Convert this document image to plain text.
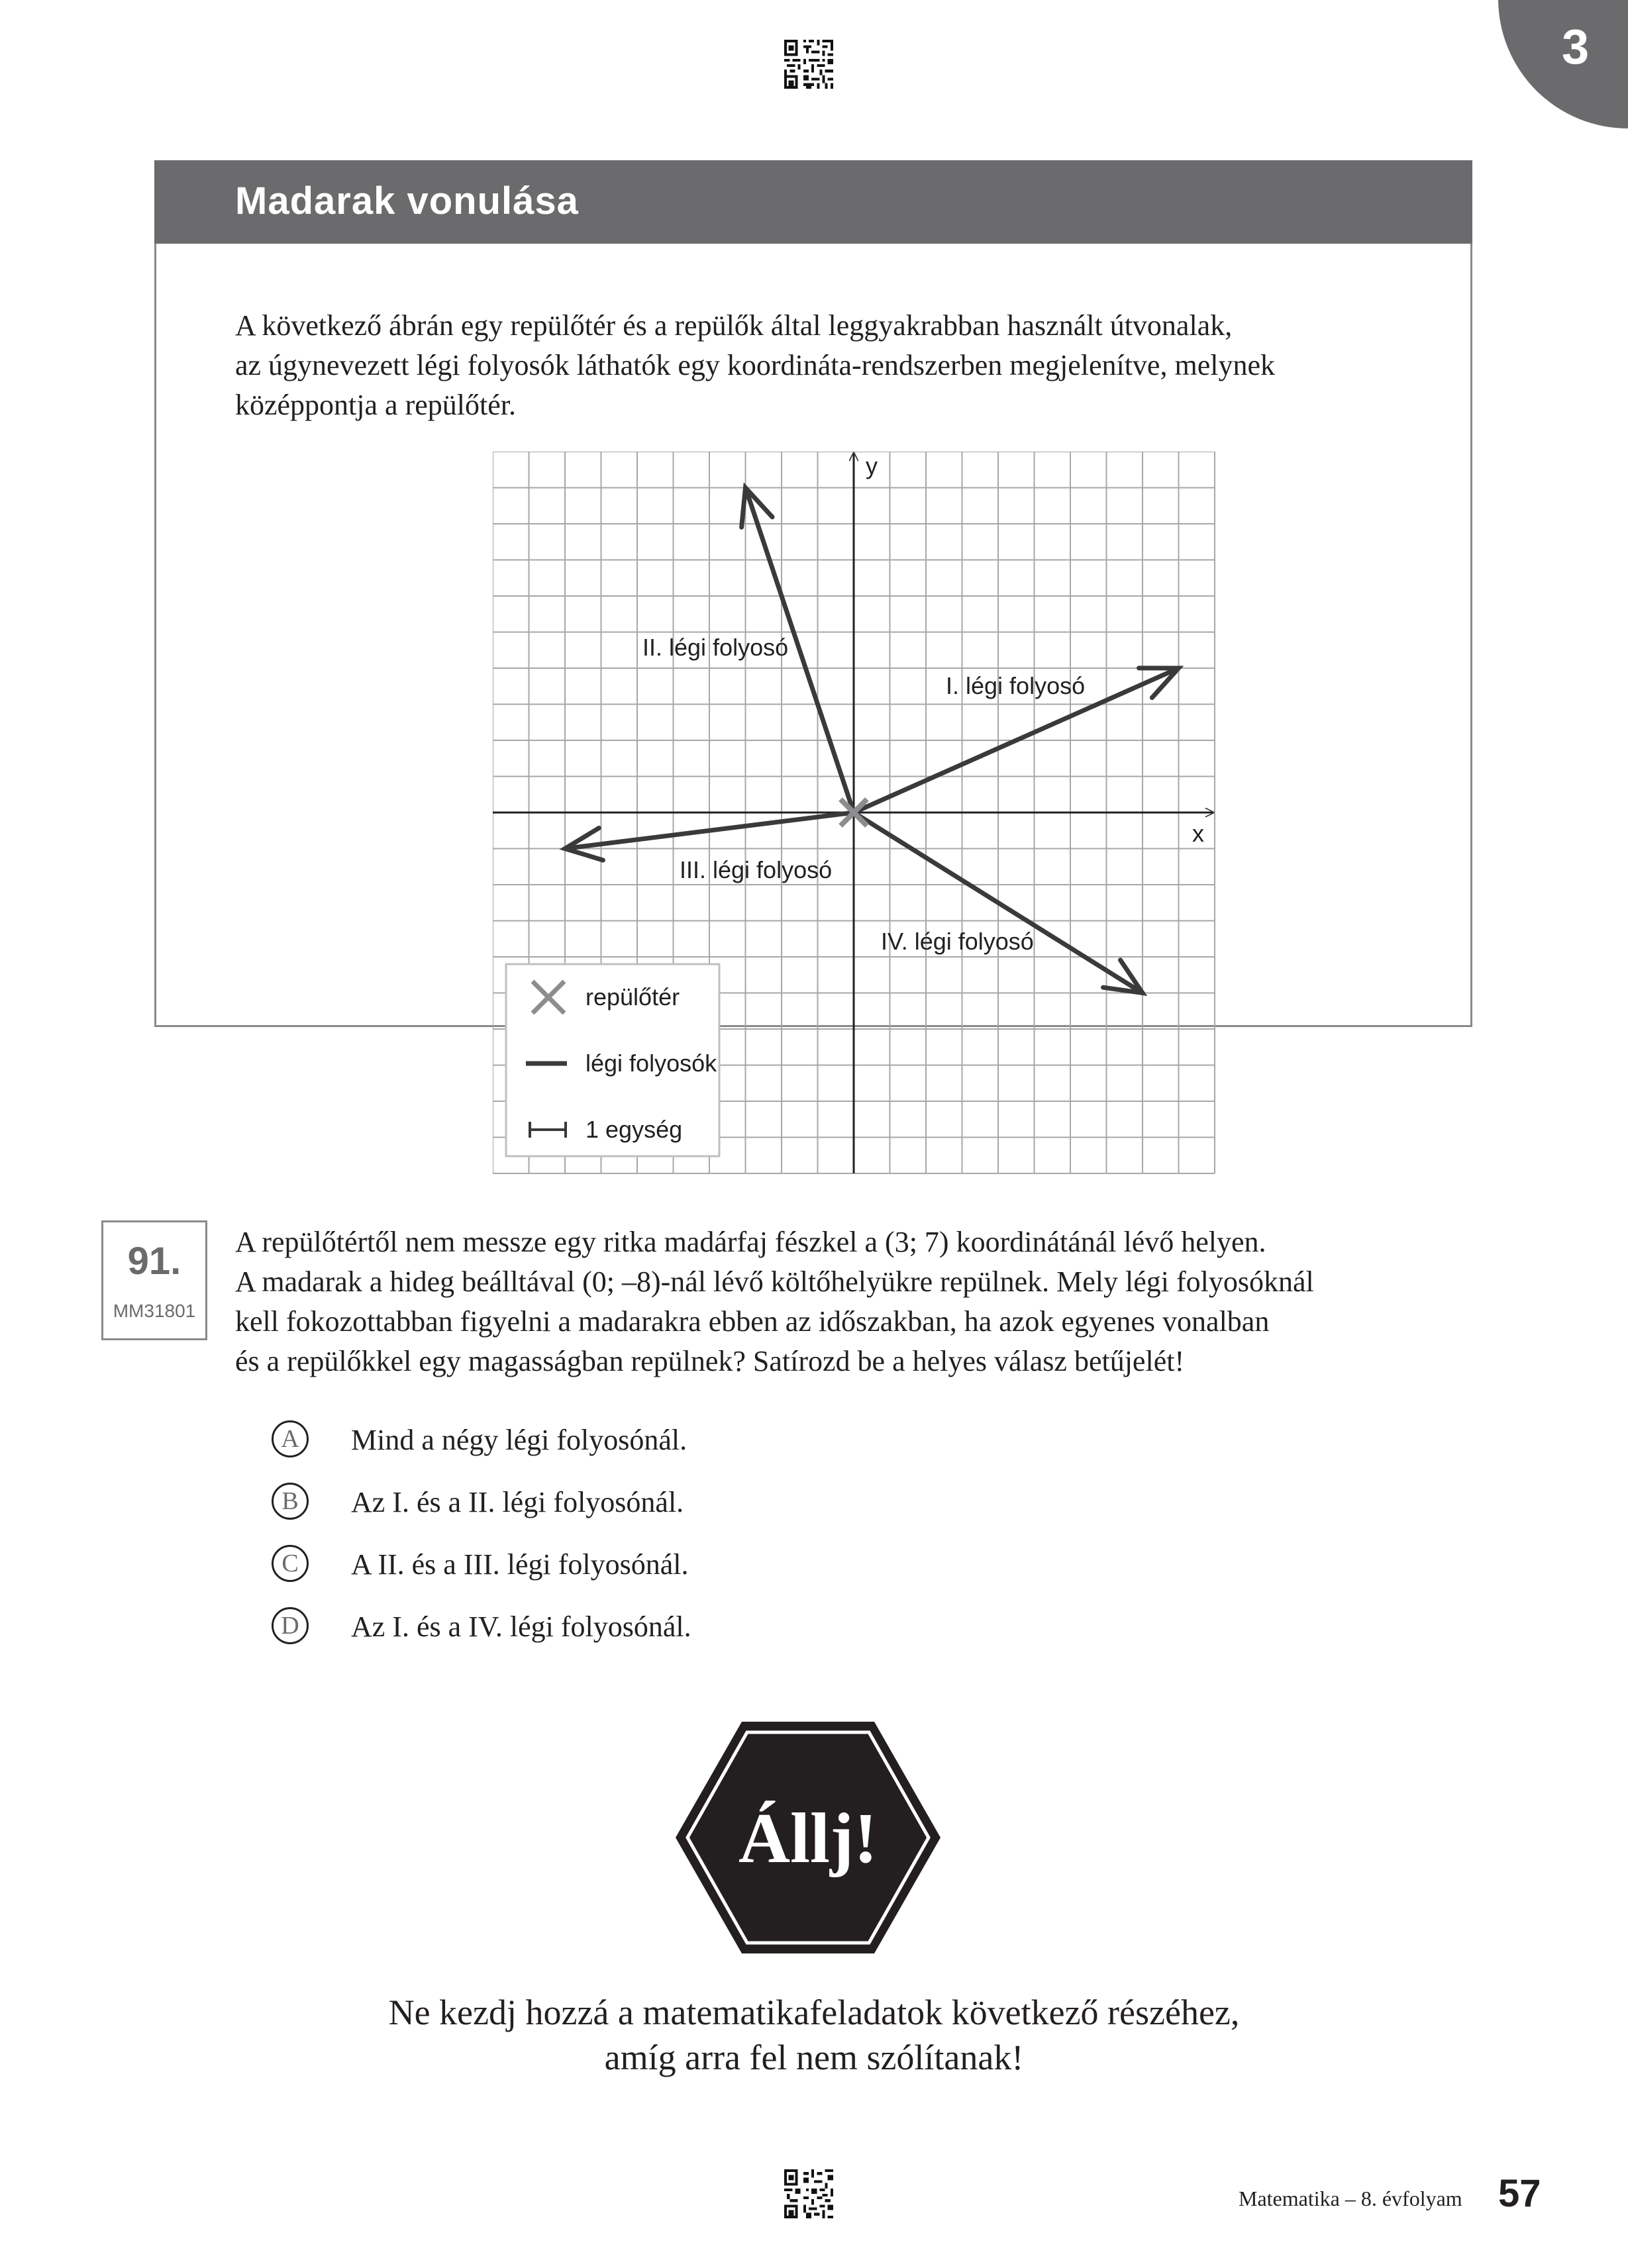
3
Madarak vonulása

A következő ábrán egy repülőtér és a repülők által leggyakrabban használt útvonalak,
az úgynevezett légi folyosók láthatók egy koordináta-rendszerben megjelenítve, melynek
középpontja a repülőtér.

x
y
II. légi folyosó
I. légi folyosó
III. légi folyosó
IV. légi folyosó
repülőtér
légi folyosók
1 egység
91.
MM31801

A repülőtértől nem messze egy ritka madárfaj fészkel a (3; 7) koordinátánál lévő helyen.
A madarak a hideg beálltával (0; –8)-nál lévő költőhelyükre repülnek. Mely légi folyosóknál
kell fokozottabban figyelni a madarakra ebben az időszakban, ha azok egyenes vonalban
és a repülőkkel egy magasságban repülnek? Satírozd be a helyes válasz betűjelét!

A	Mind a négy légi folyosónál.
B	Az I. és a II. légi folyosónál.
C	A II. és a III. légi folyosónál.
D	Az I. és a IV. légi folyosónál.
Állj!

Ne kezdj hozzá a matematikafeladatok következő részéhez,
amíg arra fel nem szólítanak!

Matematika – 8. évfolyam 57
